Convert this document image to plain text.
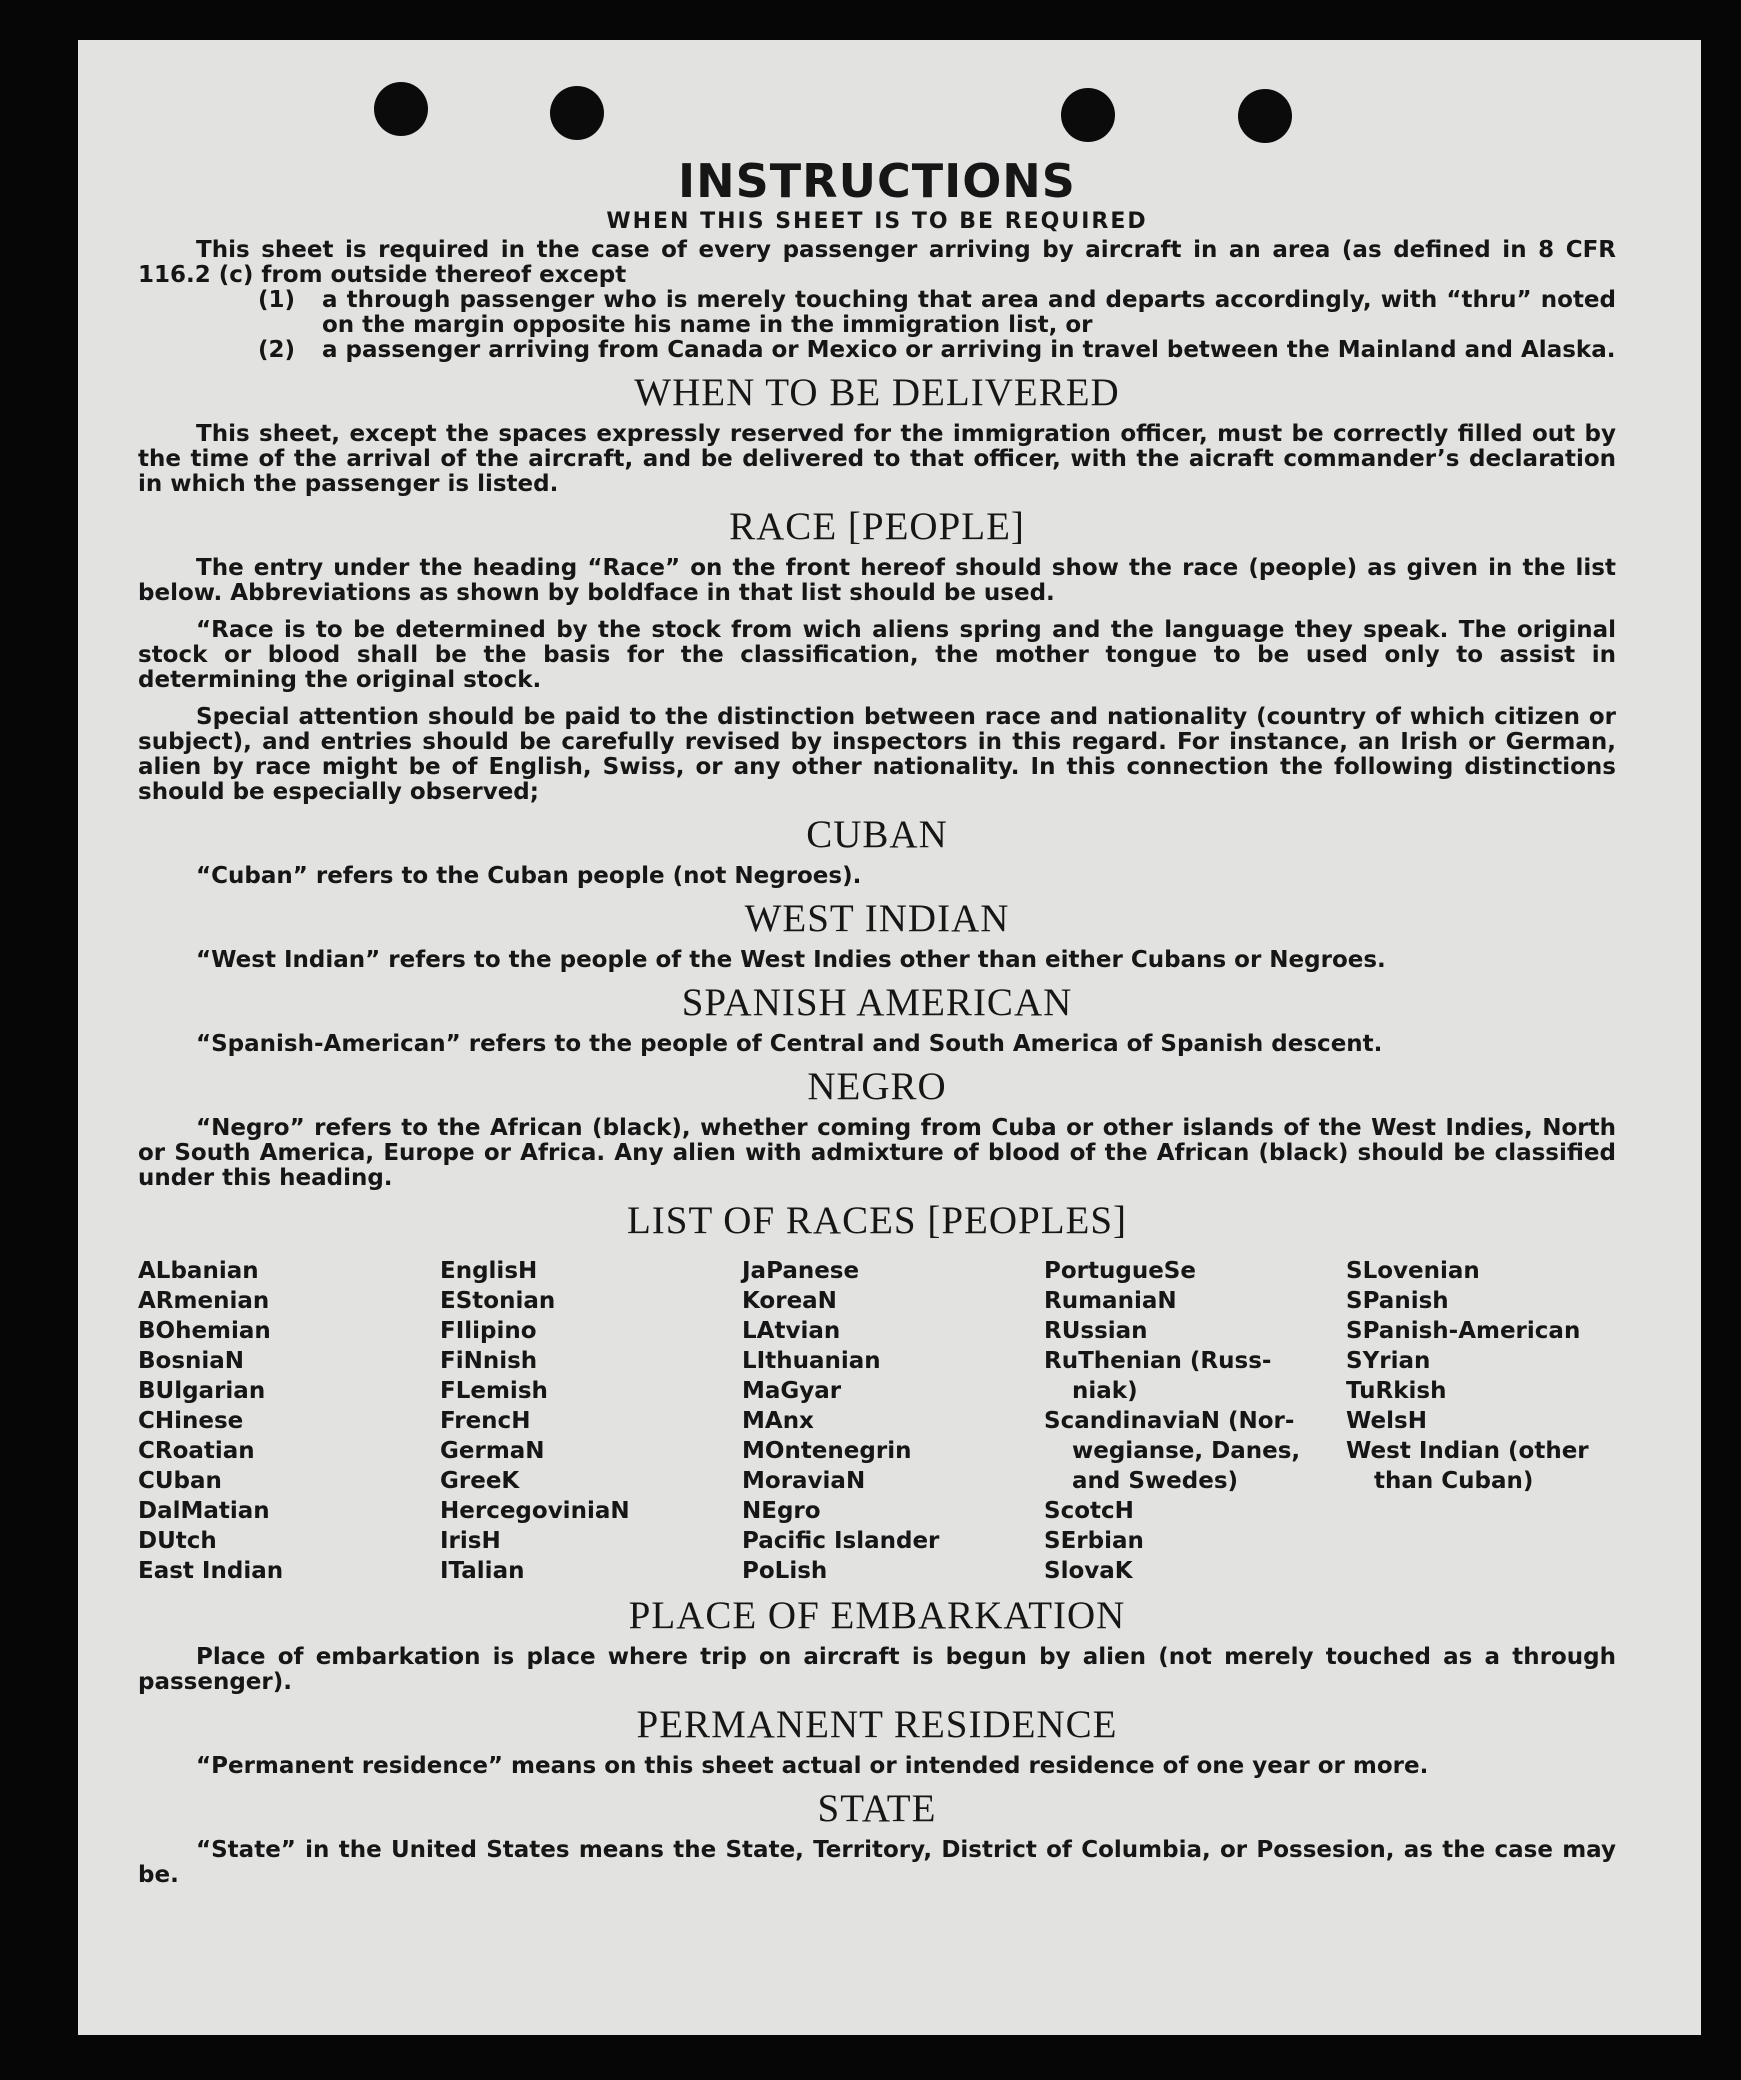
INSTRUCTIONS
WHEN THIS SHEET IS TO BE REQUIRED

This sheet is required in the case of every passenger arriving by aircraft in an area (as defined in 8 CFR 116.2 (c) from outside thereof except

(1)	a through passenger who is merely touching that area and departs accordingly, with “thru” noted on the margin opposite his name in the immigration list, or
(2)	a passenger arriving from Canada or Mexico or arriving in travel between the Mainland and Alaska.
WHEN TO BE DELIVERED

This sheet, except the spaces expressly reserved for the immigration officer, must be correctly filled out by the time of the arrival of the aircraft, and be delivered to that officer, with the aicraft commander’s declaration in which the passenger is listed.

RACE [PEOPLE]

The entry under the heading “Race” on the front hereof should show the race (people) as given in the list below. Abbreviations as shown by boldface in that list should be used.

“Race is to be determined by the stock from wich aliens spring and the language they speak. The original stock or blood shall be the basis for the classification, the mother tongue to be used only to assist in determining the original stock.

Special attention should be paid to the distinction between race and nationality (country of which citizen or subject), and entries should be carefully revised by inspectors in this regard. For instance, an Irish or German, alien by race might be of English, Swiss, or any other nationality. In this connection the following distinctions should be especially observed;

CUBAN

“Cuban” refers to the Cuban people (not Negroes).

WEST INDIAN

“West Indian” refers to the people of the West Indies other than either Cubans or Negroes.

SPANISH AMERICAN

“Spanish-American” refers to the people of Central and South America of Spanish descent.

NEGRO

“Negro” refers to the African (black), whether coming from Cuba or other islands of the West Indies, North or South America, Europe or Africa. Any alien with admixture of blood of the African (black) should be classified under this heading.

LIST OF RACES [PEOPLES]
ALbanian
ARmenian
BOhemian
BosniaN
BUlgarian
CHinese
CRoatian
CUban
DalMatian
DUtch
East Indian
EnglisH
EStonian
FIlipino
FiNnish
FLemish
FrencH
GermaN
GreeK
HercegoviniaN
IrisH
ITalian
JaPanese
KoreaN
LAtvian
LIthuanian
MaGyar
MAnx
MOntenegrin
MoraviaN
NEgro
Pacific Islander
PoLish
PortugueSe
RumaniaN
RUssian
RuThenian (Russ-
niak)
ScandinaviaN (Nor-
wegianse, Danes,
and Swedes)
ScotcH
SErbian
SlovaK
SLovenian
SPanish
SPanish-American
SYrian
TuRkish
WelsH
West Indian (other
than Cuban)
PLACE OF EMBARKATION

Place of embarkation is place where trip on aircraft is begun by alien (not merely touched as a through passenger).

PERMANENT RESIDENCE

“Permanent residence” means on this sheet actual or intended residence of one year or more.

STATE

“State” in the United States means the State, Territory, District of Columbia, or Possesion, as the case may be.
